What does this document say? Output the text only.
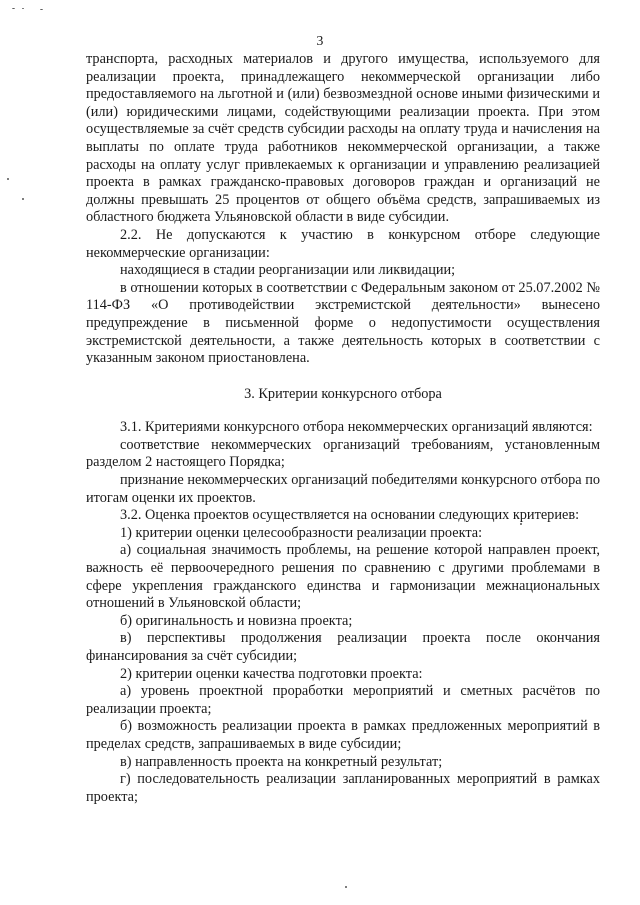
3

транспорта, расходных материалов и другого имущества, используемого для реализации проекта, принадлежащего некоммерческой организации либо предоставляемого на льготной и (или) безвозмездной основе иными физическими и (или) юридическими лицами, содействующими реализации проекта. При этом осуществляемые за счёт средств субсидии расходы на оплату труда и начисления на выплаты по оплате труда работников некоммерческой организации, а также расходы на оплату услуг привлекаемых к организации и управлению реализацией проекта в рамках гражданско-правовых договоров граждан и организаций не должны превышать 25 процентов от общего объёма средств, запрашиваемых из областного бюджета Ульяновской области в виде субсидии.

2.2. Не допускаются к участию в конкурсном отборе следующие некоммерческие организации:

находящиеся в стадии реорганизации или ликвидации;

в отношении которых в соответствии с Федеральным законом от 25.07.2002 № 114-ФЗ «О противодействии экстремистской деятельности» вынесено предупреждение в письменной форме о недопустимости осуществления экстремистской деятельности, а также деятельность которых в соответствии с указанным законом приостановлена.

3. Критерии конкурсного отбора

3.1. Критериями конкурсного отбора некоммерческих организаций являются:

соответствие некоммерческих организаций требованиям, установленным разделом 2 настоящего Порядка;

признание некоммерческих организаций победителями конкурсного отбора по итогам оценки их проектов.

3.2. Оценка проектов осуществляется на основании следующих критериев:

1) критерии оценки целесообразности реализации проекта:

а) социальная значимость проблемы, на решение которой направлен проект, важность её первоочередного решения по сравнению с другими проблемами в сфере укрепления гражданского единства и гармонизации межнациональных отношений в Ульяновской области;

б) оригинальность и новизна проекта;

в) перспективы продолжения реализации проекта после окончания финансирования за счёт субсидии;

2) критерии оценки качества подготовки проекта:

а) уровень проектной проработки мероприятий и сметных расчётов по реализации проекта;

б) возможность реализации проекта в рамках предложенных мероприятий в пределах средств, запрашиваемых в виде субсидии;

в) направленность проекта на конкретный результат;

г) последовательность реализации запланированных мероприятий в рамках проекта;
